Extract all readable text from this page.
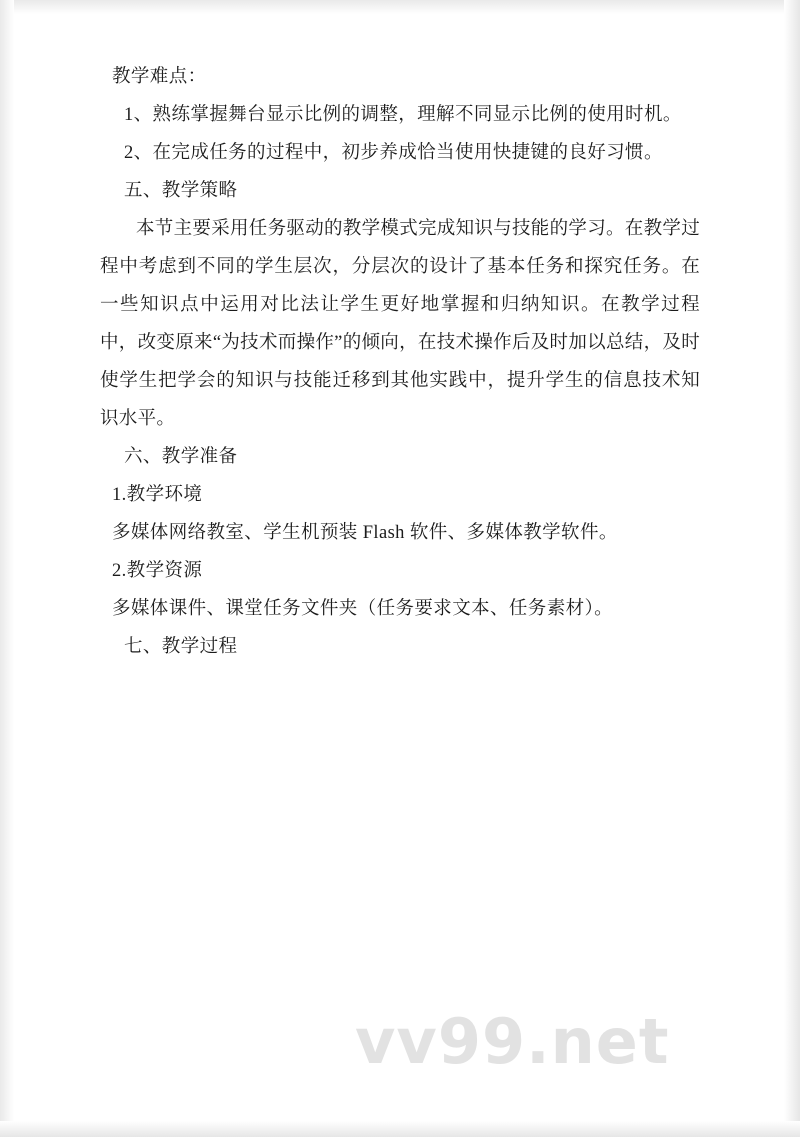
教学难点：
1、熟练掌握舞台显示比例的调整，理解不同显示比例的使用时机。
2、在完成任务的过程中，初步养成恰当使用快捷键的良好习惯。
五、教学策略

本节主要采用任务驱动的教学模式完成知识与技能的学习。在教学过程中考虑到不同的学生层次，分层次的设计了基本任务和探究任务。在一些知识点中运用对比法让学生更好地掌握和归纳知识。在教学过程中，改变原来“为技术而操作”的倾向，在技术操作后及时加以总结，及时使学生把学会的知识与技能迁移到其他实践中，提升学生的信息技术知识水平。

六、教学准备
1.教学环境
多媒体网络教室、学生机预装 Flash 软件、多媒体教学软件。
2.教学资源
多媒体课件、课堂任务文件夹（任务要求文本、任务素材）。
七、教学过程
vv99.net
